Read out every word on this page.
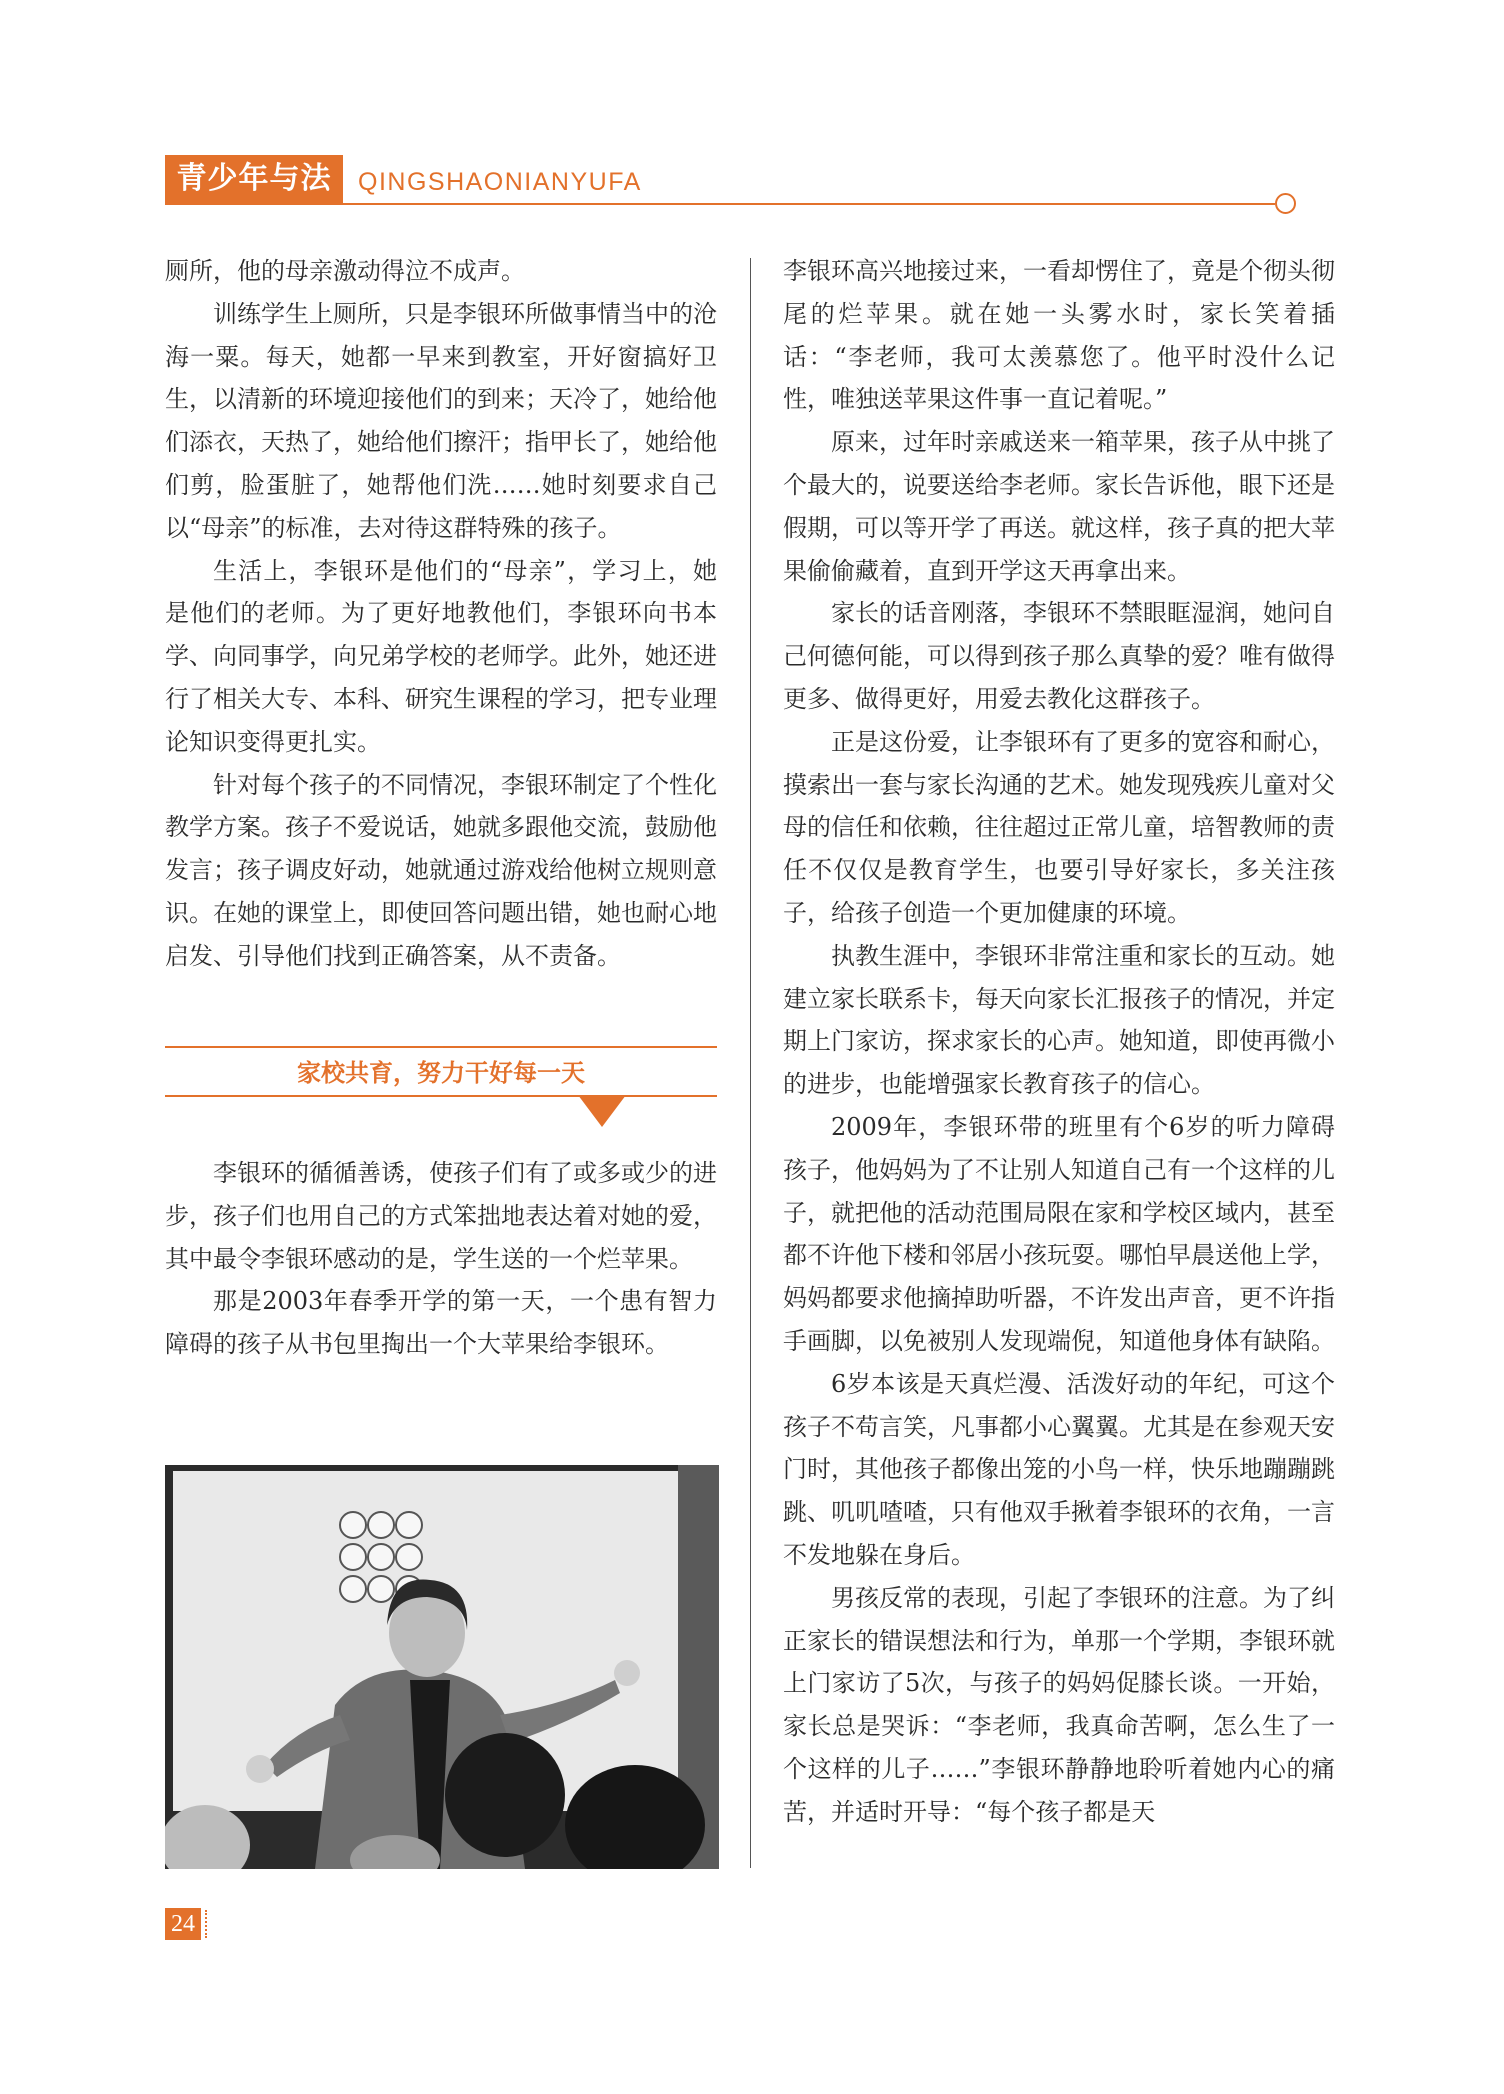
青少年与法	QINGSHAONIANYUFA

厕所，他的母亲激动得泣不成声。

训练学生上厕所，只是李银环所做事情当中的沧海一粟。每天，她都一早来到教室，开好窗搞好卫生，以清新的环境迎接他们的到来；天冷了，她给他们添衣，天热了，她给他们擦汗；指甲长了，她给他们剪，脸蛋脏了，她帮他们洗……她时刻要求自己以“母亲”的标准，去对待这群特殊的孩子。

生活上，李银环是他们的“母亲”，学习上，她是他们的老师。为了更好地教他们，李银环向书本学、向同事学，向兄弟学校的老师学。此外，她还进行了相关大专、本科、研究生课程的学习，把专业理论知识变得更扎实。

针对每个孩子的不同情况，李银环制定了个性化教学方案。孩子不爱说话，她就多跟他交流，鼓励他发言；孩子调皮好动，她就通过游戏给他树立规则意识。在她的课堂上，即使回答问题出错，她也耐心地启发、引导他们找到正确答案，从不责备。

家校共育，努力干好每一天

李银环的循循善诱，使孩子们有了或多或少的进步，孩子们也用自己的方式笨拙地表达着对她的爱，其中最令李银环感动的是，学生送的一个烂苹果。

那是2003年春季开学的第一天，一个患有智力障碍的孩子从书包里掏出一个大苹果给李银环。

李银环高兴地接过来，一看却愣住了，竟是个彻头彻尾的烂苹果。就在她一头雾水时，家长笑着插话：“李老师，我可太羡慕您了。他平时没什么记性，唯独送苹果这件事一直记着呢。”

原来，过年时亲戚送来一箱苹果，孩子从中挑了个最大的，说要送给李老师。家长告诉他，眼下还是假期，可以等开学了再送。就这样，孩子真的把大苹果偷偷藏着，直到开学这天再拿出来。

家长的话音刚落，李银环不禁眼眶湿润，她问自己何德何能，可以得到孩子那么真挚的爱？唯有做得更多、做得更好，用爱去教化这群孩子。

正是这份爱，让李银环有了更多的宽容和耐心，摸索出一套与家长沟通的艺术。她发现残疾儿童对父母的信任和依赖，往往超过正常儿童，培智教师的责任不仅仅是教育学生，也要引导好家长，多关注孩子，给孩子创造一个更加健康的环境。

执教生涯中，李银环非常注重和家长的互动。她建立家长联系卡，每天向家长汇报孩子的情况，并定期上门家访，探求家长的心声。她知道，即使再微小的进步，也能增强家长教育孩子的信心。

2009年，李银环带的班里有个6岁的听力障碍孩子，他妈妈为了不让别人知道自己有一个这样的儿子，就把他的活动范围局限在家和学校区域内，甚至都不许他下楼和邻居小孩玩耍。哪怕早晨送他上学，妈妈都要求他摘掉助听器，不许发出声音，更不许指手画脚，以免被别人发现端倪，知道他身体有缺陷。

6岁本该是天真烂漫、活泼好动的年纪，可这个孩子不苟言笑，凡事都小心翼翼。尤其是在参观天安门时，其他孩子都像出笼的小鸟一样，快乐地蹦蹦跳跳、叽叽喳喳，只有他双手揪着李银环的衣角，一言不发地躲在身后。

男孩反常的表现，引起了李银环的注意。为了纠正家长的错误想法和行为，单那一个学期，李银环就上门家访了5次，与孩子的妈妈促膝长谈。一开始，家长总是哭诉：“李老师，我真命苦啊，怎么生了一个这样的儿子……”李银环静静地聆听着她内心的痛苦，并适时开导：“每个孩子都是天

24
